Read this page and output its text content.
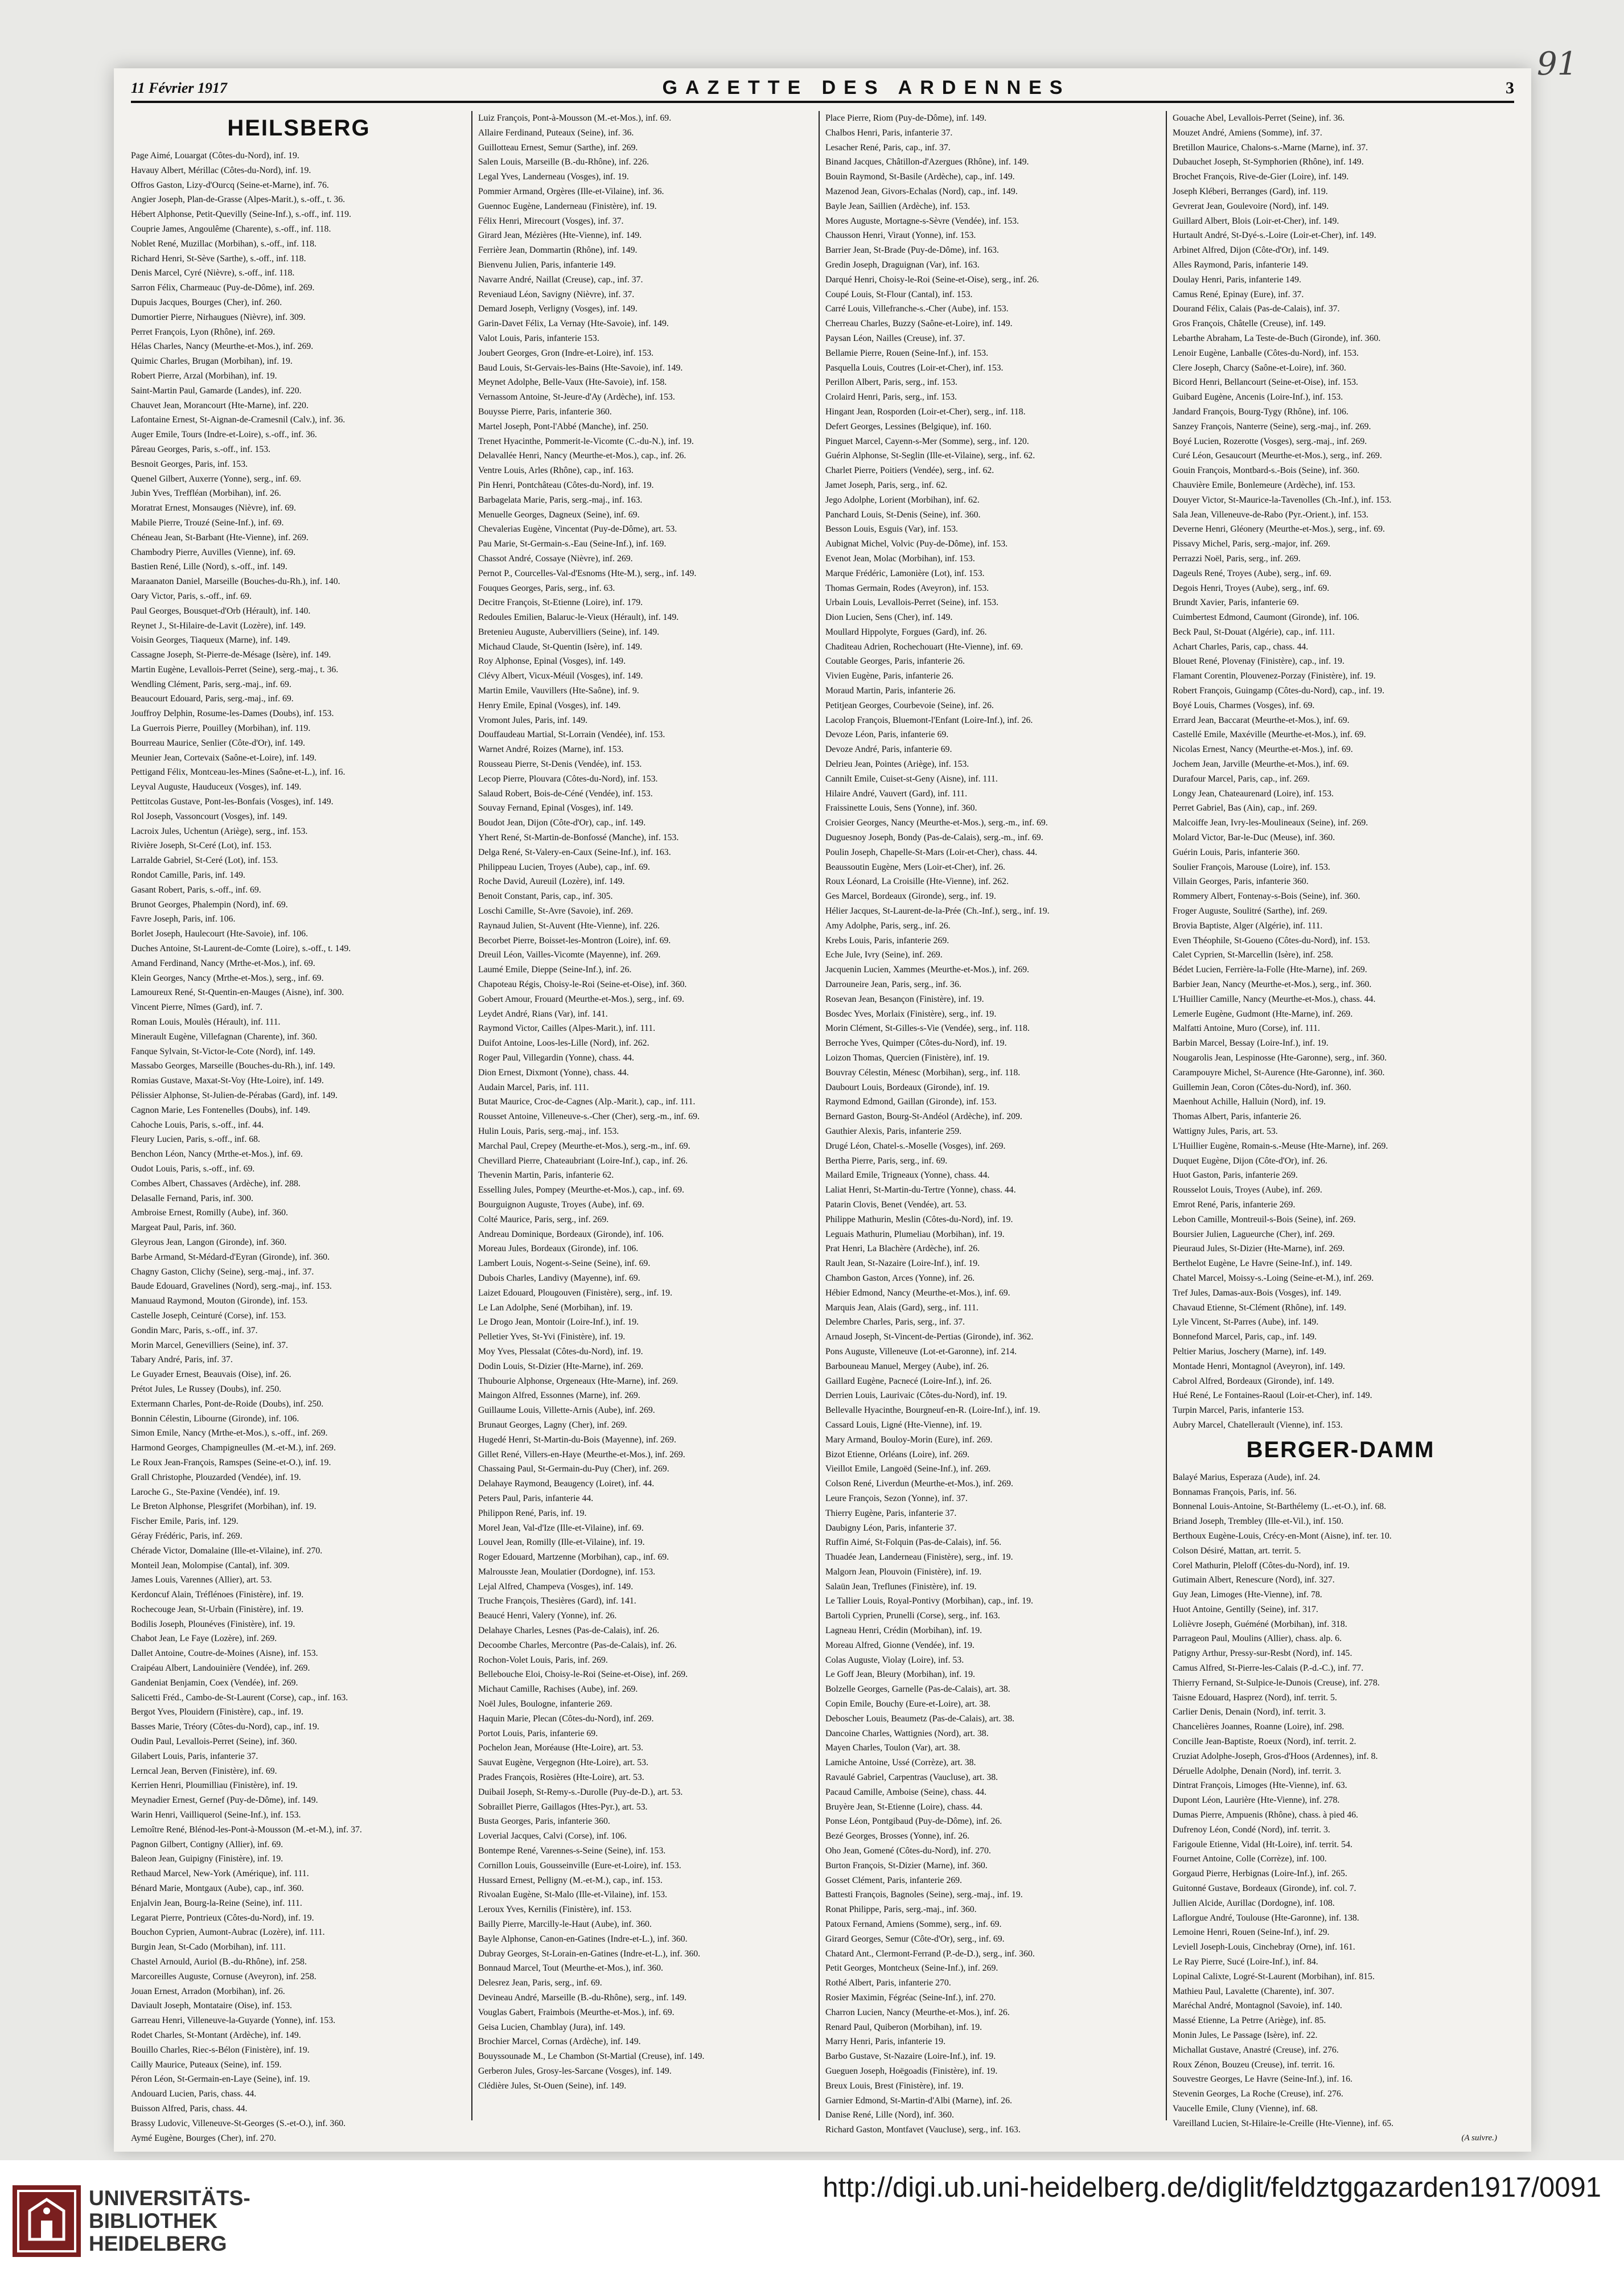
91
11 Février 1917	GAZETTE DES ARDENNES	3
HEILSBERG
Page Aimé, Louargat (Côtes-du-Nord), inf. 19.
Havauy Albert, Mérillac (Côtes-du-Nord), inf. 19.
Offros Gaston, Lizy-d'Ourcq (Seine-et-Marne), inf. 76.
Angier Joseph, Plan-de-Grasse (Alpes-Marit.), s.-off., t. 36.
Hébert Alphonse, Petit-Quevilly (Seine-Inf.), s.-off., inf. 119.
Couprie James, Angoulême (Charente), s.-off., inf. 118.
Noblet René, Muzillac (Morbihan), s.-off., inf. 118.
Richard Henri, St-Sève (Sarthe), s.-off., inf. 118.
Denis Marcel, Cyré (Nièvre), s.-off., inf. 118.
Sarron Félix, Charmeauc (Puy-de-Dôme), inf. 269.
Dupuis Jacques, Bourges (Cher), inf. 260.
Dumortier Pierre, Nirhaugues (Nièvre), inf. 309.
Perret François, Lyon (Rhône), inf. 269.
Hélas Charles, Nancy (Meurthe-et-Mos.), inf. 269.
Quimic Charles, Brugan (Morbihan), inf. 19.
Robert Pierre, Arzal (Morbihan), inf. 19.
Saint-Martin Paul, Gamarde (Landes), inf. 220.
Chauvet Jean, Morancourt (Hte-Marne), inf. 220.
Lafontaine Ernest, St-Aignan-de-Cramesnil (Calv.), inf. 36.
Auger Emile, Tours (Indre-et-Loire), s.-off., inf. 36.
Pâreau Georges, Paris, s.-off., inf. 153.
Besnoit Georges, Paris, inf. 153.
Quenel Gilbert, Auxerre (Yonne), serg., inf. 69.
Jubin Yves, Treffléan (Morbihan), inf. 26.
Moratrat Ernest, Monsauges (Nièvre), inf. 69.
Mabile Pierre, Trouzé (Seine-Inf.), inf. 69.
Chéneau Jean, St-Barbant (Hte-Vienne), inf. 269.
Chambodry Pierre, Auvilles (Vienne), inf. 69.
Bastien René, Lille (Nord), s.-off., inf. 149.
Maraanaton Daniel, Marseille (Bouches-du-Rh.), inf. 140.
Oary Victor, Paris, s.-off., inf. 69.
Paul Georges, Bousquet-d'Orb (Hérault), inf. 140.
Reynet J., St-Hilaire-de-Lavit (Lozère), inf. 149.
Voisin Georges, Tiaqueux (Marne), inf. 149.
Cassagne Joseph, St-Pierre-de-Mésage (Isère), inf. 149.
Martin Eugène, Levallois-Perret (Seine), serg.-maj., t. 36.
Wendling Clément, Paris, serg.-maj., inf. 69.
Beaucourt Edouard, Paris, serg.-maj., inf. 69.
Jouffroy Delphin, Rosume-les-Dames (Doubs), inf. 153.
La Guerrois Pierre, Pouilley (Morbihan), inf. 119.
Bourreau Maurice, Senlier (Côte-d'Or), inf. 149.
Meunier Jean, Cortevaix (Saône-et-Loire), inf. 149.
Pettigand Félix, Montceau-les-Mines (Saône-et-L.), inf. 16.
Leyval Auguste, Hauduceux (Vosges), inf. 149.
Pettitcolas Gustave, Pont-les-Bonfais (Vosges), inf. 149.
Rol Joseph, Vassoncourt (Vosges), inf. 149.
Lacroix Jules, Uchentun (Ariège), serg., inf. 153.
Rivière Joseph, St-Ceré (Lot), inf. 153.
Larralde Gabriel, St-Ceré (Lot), inf. 153.
Rondot Camille, Paris, inf. 149.
Gasant Robert, Paris, s.-off., inf. 69.
Brunot Georges, Phalempin (Nord), inf. 69.
Favre Joseph, Paris, inf. 106.
Borlet Joseph, Haulecourt (Hte-Savoie), inf. 106.
Duches Antoine, St-Laurent-de-Comte (Loire), s.-off., t. 149.
Amand Ferdinand, Nancy (Mrthe-et-Mos.), inf. 69.
Klein Georges, Nancy (Mrthe-et-Mos.), serg., inf. 69.
Lamoureux René, St-Quentin-en-Mauges (Aisne), inf. 300.
Vincent Pierre, Nîmes (Gard), inf. 7.
Roman Louis, Moulès (Hérault), inf. 111.
Minerault Eugène, Villefagnan (Charente), inf. 360.
Fanque Sylvain, St-Victor-le-Cote (Nord), inf. 149.
Massabo Georges, Marseille (Bouches-du-Rh.), inf. 149.
Romias Gustave, Maxat-St-Voy (Hte-Loire), inf. 149.
Pélissier Alphonse, St-Julien-de-Pérabas (Gard), inf. 149.
Cagnon Marie, Les Fontenelles (Doubs), inf. 149.
Cahoche Louis, Paris, s.-off., inf. 44.
Fleury Lucien, Paris, s.-off., inf. 68.
Benchon Léon, Nancy (Mrthe-et-Mos.), inf. 69.
Oudot Louis, Paris, s.-off., inf. 69.
Combes Albert, Chassaves (Ardèche), inf. 288.
Delasalle Fernand, Paris, inf. 300.
Ambroise Ernest, Romilly (Aube), inf. 360.
Margeat Paul, Paris, inf. 360.
Gleyrous Jean, Langon (Gironde), inf. 360.
Barbe Armand, St-Médard-d'Eyran (Gironde), inf. 360.
Chagny Gaston, Clichy (Seine), serg.-maj., inf. 37.
Baude Edouard, Gravelines (Nord), serg.-maj., inf. 153.
Manuaud Raymond, Mouton (Gironde), inf. 153.
Castelle Joseph, Ceinturé (Corse), inf. 153.
Gondin Marc, Paris, s.-off., inf. 37.
Morin Marcel, Genevilliers (Seine), inf. 37.
Tabary André, Paris, inf. 37.
Le Guyader Ernest, Beauvais (Oise), inf. 26.
Prétot Jules, Le Russey (Doubs), inf. 250.
Extermann Charles, Pont-de-Roide (Doubs), inf. 250.
Bonnin Célestin, Libourne (Gironde), inf. 106.
Simon Emile, Nancy (Mrthe-et-Mos.), s.-off., inf. 269.
Harmond Georges, Champigneulles (M.-et-M.), inf. 269.
Le Roux Jean-François, Ramspes (Seine-et-O.), inf. 19.
Grall Christophe, Plouzarded (Vendée), inf. 19.
Laroche G., Ste-Paxine (Vendée), inf. 19.
Le Breton Alphonse, Plesgrifet (Morbihan), inf. 19.
Fischer Emile, Paris, inf. 129.
Géray Frédéric, Paris, inf. 269.
Chérade Victor, Domalaine (Ille-et-Vilaine), inf. 270.
Monteil Jean, Molompise (Cantal), inf. 309.
James Louis, Varennes (Allier), art. 53.
Kerdoncuf Alain, Tréflénoes (Finistère), inf. 19.
Rochecouge Jean, St-Urbain (Finistère), inf. 19.
Bodilis Joseph, Plounéves (Finistère), inf. 19.
Chabot Jean, Le Faye (Lozère), inf. 269.
Dallet Antoine, Coutre-de-Moines (Aisne), inf. 153.
Craipéau Albert, Landouinière (Vendée), inf. 269.
Gandeniat Benjamin, Coex (Vendée), inf. 269.
Salicetti Fréd., Cambo-de-St-Laurent (Corse), cap., inf. 163.
Bergot Yves, Plouidern (Finistère), cap., inf. 19.
Basses Marie, Tréory (Côtes-du-Nord), cap., inf. 19.
Oudin Paul, Levallois-Perret (Seine), inf. 360.
Gilabert Louis, Paris, infanterie 37.
Lerncal Jean, Berven (Finistère), inf. 69.
Kerrien Henri, Ploumilliau (Finistère), inf. 19.
Meynadier Ernest, Gernef (Puy-de-Dôme), inf. 149.
Warin Henri, Vailliquerol (Seine-Inf.), inf. 153.
Lemoître René, Blénod-les-Pont-à-Mousson (M.-et-M.), inf. 37.
Pagnon Gilbert, Contigny (Allier), inf. 69.
Baleon Jean, Guipigny (Finistère), inf. 19.
Rethaud Marcel, New-York (Amérique), inf. 111.
Bénard Marie, Montgaux (Aube), cap., inf. 360.
Enjalvin Jean, Bourg-la-Reine (Seine), inf. 111.
Legarat Pierre, Pontrieux (Côtes-du-Nord), inf. 19.
Bouchon Cyprien, Aumont-Aubrac (Lozère), inf. 111.
Burgin Jean, St-Cado (Morbihan), inf. 111.
Chastel Arnould, Auriol (B.-du-Rhône), inf. 258.
Marcoreilles Auguste, Cornuse (Aveyron), inf. 258.
Jouan Ernest, Arradon (Morbihan), inf. 26.
Daviault Joseph, Montataire (Oise), inf. 153.
Garreau Henri, Villeneuve-la-Guyarde (Yonne), inf. 153.
Rodet Charles, St-Montant (Ardèche), inf. 149.
Bouillo Charles, Riec-s-Bélon (Finistère), inf. 19.
Cailly Maurice, Puteaux (Seine), inf. 159.
Péron Léon, St-Germain-en-Laye (Seine), inf. 19.
Andouard Lucien, Paris, chass. 44.
Buisson Alfred, Paris, chass. 44.
Brassy Ludovic, Villeneuve-St-Georges (S.-et-O.), inf. 360.
Aymé Eugène, Bourges (Cher), inf. 270.
Luiz François, Pont-à-Mousson (M.-et-Mos.), inf. 69.
Allaire Ferdinand, Puteaux (Seine), inf. 36.
Guillotteau Ernest, Semur (Sarthe), inf. 269.
Salen Louis, Marseille (B.-du-Rhône), inf. 226.
Legal Yves, Landerneau (Vosges), inf. 19.
Pommier Armand, Orgères (Ille-et-Vilaine), inf. 36.
Guennoc Eugène, Landerneau (Finistère), inf. 19.
Félix Henri, Mirecourt (Vosges), inf. 37.
Girard Jean, Mézières (Hte-Vienne), inf. 149.
Ferrière Jean, Dommartin (Rhône), inf. 149.
Bienvenu Julien, Paris, infanterie 149.
Navarre André, Naillat (Creuse), cap., inf. 37.
Reveniaud Léon, Savigny (Nièvre), inf. 37.
Demard Joseph, Verligny (Vosges), inf. 149.
Garin-Davet Félix, La Vernay (Hte-Savoie), inf. 149.
Valot Louis, Paris, infanterie 153.
Joubert Georges, Gron (Indre-et-Loire), inf. 153.
Baud Louis, St-Gervais-les-Bains (Hte-Savoie), inf. 149.
Meynet Adolphe, Belle-Vaux (Hte-Savoie), inf. 158.
Vernassom Antoine, St-Jeure-d'Ay (Ardèche), inf. 153.
Bouysse Pierre, Paris, infanterie 360.
Martel Joseph, Pont-l'Abbé (Manche), inf. 250.
Trenet Hyacinthe, Pommerit-le-Vicomte (C.-du-N.), inf. 19.
Delavallée Henri, Nancy (Meurthe-et-Mos.), cap., inf. 26.
Ventre Louis, Arles (Rhône), cap., inf. 163.
Pin Henri, Pontchâteau (Côtes-du-Nord), inf. 19.
Barbagelata Marie, Paris, serg.-maj., inf. 163.
Menuelle Georges, Dagneux (Seine), inf. 69.
Chevalerias Eugène, Vincentat (Puy-de-Dôme), art. 53.
Pau Marie, St-Germain-s.-Eau (Seine-Inf.), inf. 169.
Chassot André, Cossaye (Nièvre), inf. 269.
Pernot P., Courcelles-Val-d'Esnoms (Hte-M.), serg., inf. 149.
Fouques Georges, Paris, serg., inf. 63.
Decitre François, St-Etienne (Loire), inf. 179.
Redoules Emilien, Balaruc-le-Vieux (Hérault), inf. 149.
Bretenieu Auguste, Aubervilliers (Seine), inf. 149.
Michaud Claude, St-Quentin (Isère), inf. 149.
Roy Alphonse, Epinal (Vosges), inf. 149.
Clévy Albert, Vicux-Méuil (Vosges), inf. 149.
Martin Emile, Vauvillers (Hte-Saône), inf. 9.
Henry Emile, Epinal (Vosges), inf. 149.
Vromont Jules, Paris, inf. 149.
Douffaudeau Martial, St-Lorrain (Vendée), inf. 153.
Warnet André, Roizes (Marne), inf. 153.
Rousseau Pierre, St-Denis (Vendée), inf. 153.
Lecop Pierre, Plouvara (Côtes-du-Nord), inf. 153.
Salaud Robert, Bois-de-Céné (Vendée), inf. 153.
Souvay Fernand, Epinal (Vosges), inf. 149.
Boudot Jean, Dijon (Côte-d'Or), cap., inf. 149.
Yhert René, St-Martin-de-Bonfossé (Manche), inf. 153.
Delga René, St-Valery-en-Caux (Seine-Inf.), inf. 163.
Philippeau Lucien, Troyes (Aube), cap., inf. 69.
Roche David, Aureuil (Lozère), inf. 149.
Benoit Constant, Paris, cap., inf. 305.
Loschi Camille, St-Avre (Savoie), inf. 269.
Raynaud Julien, St-Auvent (Hte-Vienne), inf. 226.
Becorbet Pierre, Boisset-les-Montron (Loire), inf. 69.
Dreuil Léon, Vailles-Vicomte (Mayenne), inf. 269.
Laumé Emile, Dieppe (Seine-Inf.), inf. 26.
Chapoteau Régis, Choisy-le-Roi (Seine-et-Oise), inf. 360.
Gobert Amour, Frouard (Meurthe-et-Mos.), serg., inf. 69.
Leydet André, Rians (Var), inf. 141.
Raymond Victor, Cailles (Alpes-Marit.), inf. 111.
Duifot Antoine, Loos-les-Lille (Nord), inf. 262.
Roger Paul, Villegardin (Yonne), chass. 44.
Dion Ernest, Dixmont (Yonne), chass. 44.
Audain Marcel, Paris, inf. 111.
Butat Maurice, Croc-de-Cagnes (Alp.-Marit.), cap., inf. 111.
Rousset Antoine, Villeneuve-s.-Cher (Cher), serg.-m., inf. 69.
Hulin Louis, Paris, serg.-maj., inf. 153.
Marchal Paul, Crepey (Meurthe-et-Mos.), serg.-m., inf. 69.
Chevillard Pierre, Chateaubriant (Loire-Inf.), cap., inf. 26.
Thevenin Martin, Paris, infanterie 62.
Esselling Jules, Pompey (Meurthe-et-Mos.), cap., inf. 69.
Bourguignon Auguste, Troyes (Aube), inf. 69.
Colté Maurice, Paris, serg., inf. 269.
Andreau Dominique, Bordeaux (Gironde), inf. 106.
Moreau Jules, Bordeaux (Gironde), inf. 106.
Lambert Louis, Nogent-s-Seine (Seine), inf. 69.
Dubois Charles, Landivy (Mayenne), inf. 69.
Laizet Edouard, Plougouven (Finistère), serg., inf. 19.
Le Lan Adolphe, Sené (Morbihan), inf. 19.
Le Drogo Jean, Montoir (Loire-Inf.), inf. 19.
Pelletier Yves, St-Yvi (Finistère), inf. 19.
Moy Yves, Plessalat (Côtes-du-Nord), inf. 19.
Dodin Louis, St-Dizier (Hte-Marne), inf. 269.
Thubourie Alphonse, Orgeneaux (Hte-Marne), inf. 269.
Maingon Alfred, Essonnes (Marne), inf. 269.
Guillaume Louis, Villette-Arnis (Aube), inf. 269.
Brunaut Georges, Lagny (Cher), inf. 269.
Hugedé Henri, St-Martin-du-Bois (Mayenne), inf. 269.
Gillet René, Villers-en-Haye (Meurthe-et-Mos.), inf. 269.
Chassaing Paul, St-Germain-du-Puy (Cher), inf. 269.
Delahaye Raymond, Beaugency (Loiret), inf. 44.
Peters Paul, Paris, infanterie 44.
Philippon René, Paris, inf. 19.
Morel Jean, Val-d'Ize (Ille-et-Vilaine), inf. 69.
Louvel Jean, Romilly (Ille-et-Vilaine), inf. 19.
Roger Edouard, Martzenne (Morbihan), cap., inf. 69.
Malrousste Jean, Moulatier (Dordogne), inf. 153.
Lejal Alfred, Champeva (Vosges), inf. 149.
Truche François, Thesières (Gard), inf. 141.
Beaucé Henri, Valery (Yonne), inf. 26.
Delahaye Charles, Lesnes (Pas-de-Calais), inf. 26.
Decoombe Charles, Mercontre (Pas-de-Calais), inf. 26.
Rochon-Volet Louis, Paris, inf. 269.
Bellebouche Eloi, Choisy-le-Roi (Seine-et-Oise), inf. 269.
Michaut Camille, Rachises (Aube), inf. 269.
Noël Jules, Boulogne, infanterie 269.
Haquin Marie, Plecan (Côtes-du-Nord), inf. 269.
Portot Louis, Paris, infanterie 69.
Pochelon Jean, Moréause (Hte-Loire), art. 53.
Sauvat Eugène, Vergegnon (Hte-Loire), art. 53.
Prades François, Rosières (Hte-Loire), art. 53.
Duibail Joseph, St-Remy-s.-Durolle (Puy-de-D.), art. 53.
Sobraillet Pierre, Gaillagos (Htes-Pyr.), art. 53.
Busta Georges, Paris, infanterie 360.
Loverial Jacques, Calvi (Corse), inf. 106.
Bontempe René, Varennes-s-Seine (Seine), inf. 153.
Cornillon Louis, Gousseinville (Eure-et-Loire), inf. 153.
Hussard Ernest, Pelligny (M.-et-M.), cap., inf. 153.
Rivoalan Eugène, St-Malo (Ille-et-Vilaine), inf. 153.
Leroux Yves, Kernilis (Finistère), inf. 153.
Bailly Pierre, Marcilly-le-Haut (Aube), inf. 360.
Bayle Alphonse, Canon-en-Gatines (Indre-et-L.), inf. 360.
Dubray Georges, St-Lorain-en-Gatines (Indre-et-L.), inf. 360.
Bonnaud Marcel, Tout (Meurthe-et-Mos.), inf. 360.
Delesrez Jean, Paris, serg., inf. 69.
Devineau André, Marseille (B.-du-Rhône), serg., inf. 149.
Vouglas Gabert, Fraimbois (Meurthe-et-Mos.), inf. 69.
Geisa Lucien, Chamblay (Jura), inf. 149.
Brochier Marcel, Cornas (Ardèche), inf. 149.
Bouyssounade M., Le Chambon (St-Martial (Creuse), inf. 149.
Gerberon Jules, Grosy-les-Sarcane (Vosges), inf. 149.
Clédière Jules, St-Ouen (Seine), inf. 149.
Place Pierre, Riom (Puy-de-Dôme), inf. 149.
Chalbos Henri, Paris, infanterie 37.
Lesacher René, Paris, cap., inf. 37.
Binand Jacques, Châtillon-d'Azergues (Rhône), inf. 149.
Bouin Raymond, St-Basile (Ardèche), cap., inf. 149.
Mazenod Jean, Givors-Echalas (Nord), cap., inf. 149.
Bayle Jean, Saillien (Ardèche), inf. 153.
Mores Auguste, Mortagne-s-Sèvre (Vendée), inf. 153.
Chausson Henri, Viraut (Yonne), inf. 153.
Barrier Jean, St-Brade (Puy-de-Dôme), inf. 163.
Gredin Joseph, Draguignan (Var), inf. 163.
Darqué Henri, Choisy-le-Roi (Seine-et-Oise), serg., inf. 26.
Coupé Louis, St-Flour (Cantal), inf. 153.
Carré Louis, Villefranche-s.-Cher (Aube), inf. 153.
Cherreau Charles, Buzzy (Saône-et-Loire), inf. 149.
Paysan Léon, Nailles (Creuse), inf. 37.
Bellamie Pierre, Rouen (Seine-Inf.), inf. 153.
Pasquella Louis, Coutres (Loir-et-Cher), inf. 153.
Perillon Albert, Paris, serg., inf. 153.
Crolaird Henri, Paris, serg., inf. 153.
Hingant Jean, Rosporden (Loir-et-Cher), serg., inf. 118.
Defert Georges, Lessines (Belgique), inf. 160.
Pinguet Marcel, Cayenn-s-Mer (Somme), serg., inf. 120.
Guérin Alphonse, St-Seglin (Ille-et-Vilaine), serg., inf. 62.
Charlet Pierre, Poitiers (Vendée), serg., inf. 62.
Jamet Joseph, Paris, serg., inf. 62.
Jego Adolphe, Lorient (Morbihan), inf. 62.
Panchard Louis, St-Denis (Seine), inf. 360.
Besson Louis, Esguis (Var), inf. 153.
Aubignat Michel, Volvic (Puy-de-Dôme), inf. 153.
Evenot Jean, Molac (Morbihan), inf. 153.
Marque Frédéric, Lamonière (Lot), inf. 153.
Thomas Germain, Rodes (Aveyron), inf. 153.
Urbain Louis, Levallois-Perret (Seine), inf. 153.
Dion Lucien, Sens (Cher), inf. 149.
Moullard Hippolyte, Forgues (Gard), inf. 26.
Chaditeau Adrien, Rochechouart (Hte-Vienne), inf. 69.
Coutable Georges, Paris, infanterie 26.
Vivien Eugène, Paris, infanterie 26.
Moraud Martin, Paris, infanterie 26.
Petitjean Georges, Courbevoie (Seine), inf. 26.
Lacolop François, Bluemont-l'Enfant (Loire-Inf.), inf. 26.
Devoze Léon, Paris, infanterie 69.
Devoze André, Paris, infanterie 69.
Delrieu Jean, Pointes (Ariège), inf. 153.
Cannilt Emile, Cuiset-st-Geny (Aisne), inf. 111.
Hilaire André, Vauvert (Gard), inf. 111.
Fraissinette Louis, Sens (Yonne), inf. 360.
Croisier Georges, Nancy (Meurthe-et-Mos.), serg.-m., inf. 69.
Duguesnoy Joseph, Bondy (Pas-de-Calais), serg.-m., inf. 69.
Poulin Joseph, Chapelle-St-Mars (Loir-et-Cher), chass. 44.
Beaussoutin Eugène, Mers (Loir-et-Cher), inf. 26.
Roux Léonard, La Croisille (Hte-Vienne), inf. 262.
Ges Marcel, Bordeaux (Gironde), serg., inf. 19.
Hélier Jacques, St-Laurent-de-la-Prée (Ch.-Inf.), serg., inf. 19.
Amy Adolphe, Paris, serg., inf. 26.
Krebs Louis, Paris, infanterie 269.
Eche Jule, Ivry (Seine), inf. 269.
Jacquenin Lucien, Xammes (Meurthe-et-Mos.), inf. 269.
Darrouneire Jean, Paris, serg., inf. 36.
Rosevan Jean, Besançon (Finistère), inf. 19.
Bosdec Yves, Morlaix (Finistère), serg., inf. 19.
Morin Clément, St-Gilles-s-Vie (Vendée), serg., inf. 118.
Berroche Yves, Quimper (Côtes-du-Nord), inf. 19.
Loizon Thomas, Quercien (Finistère), inf. 19.
Bouvray Célestin, Ménesc (Morbihan), serg., inf. 118.
Daubourt Louis, Bordeaux (Gironde), inf. 19.
Raymond Edmond, Gaillan (Gironde), inf. 153.
Bernard Gaston, Bourg-St-Andéol (Ardèche), inf. 209.
Gauthier Alexis, Paris, infanterie 259.
Drugé Léon, Chatel-s.-Moselle (Vosges), inf. 269.
Bertha Pierre, Paris, serg., inf. 69.
Mailard Emile, Trigneaux (Yonne), chass. 44.
Laliat Henri, St-Martin-du-Tertre (Yonne), chass. 44.
Patarin Clovis, Benet (Vendée), art. 53.
Philippe Mathurin, Meslin (Côtes-du-Nord), inf. 19.
Leguais Mathurin, Plumeliau (Morbihan), inf. 19.
Prat Henri, La Blachère (Ardèche), inf. 26.
Rault Jean, St-Nazaire (Loire-Inf.), inf. 19.
Chambon Gaston, Arces (Yonne), inf. 26.
Hébier Edmond, Nancy (Meurthe-et-Mos.), inf. 69.
Marquis Jean, Alais (Gard), serg., inf. 111.
Delembre Charles, Paris, serg., inf. 37.
Arnaud Joseph, St-Vincent-de-Pertias (Gironde), inf. 362.
Pons Auguste, Villeneuve (Lot-et-Garonne), inf. 214.
Barbouneau Manuel, Mergey (Aube), inf. 26.
Gaillard Eugène, Pacnecé (Loire-Inf.), inf. 26.
Derrien Louis, Laurivaic (Côtes-du-Nord), inf. 19.
Bellevalle Hyacinthe, Bourgneuf-en-R. (Loire-Inf.), inf. 19.
Cassard Louis, Ligné (Hte-Vienne), inf. 19.
Mary Armand, Bouloy-Morin (Eure), inf. 269.
Bizot Etienne, Orléans (Loire), inf. 269.
Vieillot Emile, Langoëd (Seine-Inf.), inf. 269.
Colson René, Liverdun (Meurthe-et-Mos.), inf. 269.
Leure François, Sezon (Yonne), inf. 37.
Thierry Eugène, Paris, infanterie 37.
Daubigny Léon, Paris, infanterie 37.
Ruffin Aimé, St-Folquin (Pas-de-Calais), inf. 56.
Thuadée Jean, Landerneau (Finistère), serg., inf. 19.
Malgorn Jean, Plouvoin (Finistère), inf. 19.
Salaün Jean, Treflunes (Finistère), inf. 19.
Le Tallier Louis, Royal-Pontivy (Morbihan), cap., inf. 19.
Bartoli Cyprien, Prunelli (Corse), serg., inf. 163.
Lagneau Henri, Crédin (Morbihan), inf. 19.
Moreau Alfred, Gionne (Vendée), inf. 19.
Colas Auguste, Violay (Loire), inf. 53.
Le Goff Jean, Bleury (Morbihan), inf. 19.
Bolzelle Georges, Garnelle (Pas-de-Calais), art. 38.
Copin Emile, Bouchy (Eure-et-Loire), art. 38.
Deboscher Louis, Beaumetz (Pas-de-Calais), art. 38.
Dancoine Charles, Wattignies (Nord), art. 38.
Mayen Charles, Toulon (Var), art. 38.
Lamiche Antoine, Ussé (Corrèze), art. 38.
Ravaulé Gabriel, Carpentras (Vaucluse), art. 38.
Pacaud Camille, Amboise (Seine), chass. 44.
Bruyère Jean, St-Etienne (Loire), chass. 44.
Ponse Léon, Pontgibaud (Puy-de-Dôme), inf. 26.
Bezé Georges, Brosses (Yonne), inf. 26.
Oho Jean, Gomené (Côtes-du-Nord), inf. 270.
Burton François, St-Dizier (Marne), inf. 360.
Gosset Clément, Paris, infanterie 269.
Battesti François, Bagnoles (Seine), serg.-maj., inf. 19.
Ronat Philippe, Paris, serg.-maj., inf. 360.
Patoux Fernand, Amiens (Somme), serg., inf. 69.
Girard Georges, Semur (Côte-d'Or), serg., inf. 69.
Chatard Ant., Clermont-Ferrand (P.-de-D.), serg., inf. 360.
Petit Georges, Montcheux (Seine-Inf.), inf. 269.
Rothé Albert, Paris, infanterie 270.
Rosier Maximin, Fégréac (Seine-Inf.), inf. 270.
Charron Lucien, Nancy (Meurthe-et-Mos.), inf. 26.
Renard Paul, Quiberon (Morbihan), inf. 19.
Marry Henri, Paris, infanterie 19.
Barbo Gustave, St-Nazaire (Loire-Inf.), inf. 19.
Gueguen Joseph, Hoëgoadis (Finistère), inf. 19.
Breux Louis, Brest (Finistère), inf. 19.
Garnier Edmond, St-Martin-d'Albi (Marne), inf. 26.
Danise René, Lille (Nord), inf. 360.
Richard Gaston, Montfavet (Vaucluse), serg., inf. 163.
Gouache Abel, Levallois-Perret (Seine), inf. 36.
Mouzet André, Amiens (Somme), inf. 37.
Bretillon Maurice, Chalons-s.-Marne (Marne), inf. 37.
Dubauchet Joseph, St-Symphorien (Rhône), inf. 149.
Brochet François, Rive-de-Gier (Loire), inf. 149.
Joseph Kléberi, Berranges (Gard), inf. 119.
Gevrerat Jean, Goulevoire (Nord), inf. 149.
Guillard Albert, Blois (Loir-et-Cher), inf. 149.
Hurtault André, St-Dyé-s.-Loire (Loir-et-Cher), inf. 149.
Arbinet Alfred, Dijon (Côte-d'Or), inf. 149.
Alles Raymond, Paris, infanterie 149.
Doulay Henri, Paris, infanterie 149.
Camus René, Epinay (Eure), inf. 37.
Dourand Félix, Calais (Pas-de-Calais), inf. 37.
Gros François, Châtelle (Creuse), inf. 149.
Lebarthe Abraham, La Teste-de-Buch (Gironde), inf. 360.
Lenoir Eugène, Lanballe (Côtes-du-Nord), inf. 153.
Clere Joseph, Charcy (Saône-et-Loire), inf. 360.
Bicord Henri, Bellancourt (Seine-et-Oise), inf. 153.
Guibard Eugène, Ancenis (Loire-Inf.), inf. 153.
Jandard François, Bourg-Tygy (Rhône), inf. 106.
Sanzey François, Nanterre (Seine), serg.-maj., inf. 269.
Boyé Lucien, Rozerotte (Vosges), serg.-maj., inf. 269.
Curé Léon, Gesaucourt (Meurthe-et-Mos.), serg., inf. 269.
Gouin François, Montbard-s.-Bois (Seine), inf. 360.
Chauvière Emile, Bonlemeure (Ardèche), inf. 153.
Douyer Victor, St-Maurice-la-Tavenolles (Ch.-Inf.), inf. 153.
Sala Jean, Villeneuve-de-Rabo (Pyr.-Orient.), inf. 153.
Deverne Henri, Gléonery (Meurthe-et-Mos.), serg., inf. 69.
Pissavy Michel, Paris, serg.-major, inf. 269.
Perrazzi Noël, Paris, serg., inf. 269.
Dageuls René, Troyes (Aube), serg., inf. 69.
Degois Henri, Troyes (Aube), serg., inf. 69.
Brundt Xavier, Paris, infanterie 69.
Cuimbertest Edmond, Caumont (Gironde), inf. 106.
Beck Paul, St-Douat (Algérie), cap., inf. 111.
Achart Charles, Paris, cap., chass. 44.
Blouet René, Plovenay (Finistère), cap., inf. 19.
Flamant Corentin, Plouvenez-Porzay (Finistère), inf. 19.
Robert François, Guingamp (Côtes-du-Nord), cap., inf. 19.
Boyé Louis, Charmes (Vosges), inf. 69.
Errard Jean, Baccarat (Meurthe-et-Mos.), inf. 69.
Castellé Emile, Maxéville (Meurthe-et-Mos.), inf. 69.
Nicolas Ernest, Nancy (Meurthe-et-Mos.), inf. 69.
Jochem Jean, Jarville (Meurthe-et-Mos.), inf. 69.
Durafour Marcel, Paris, cap., inf. 269.
Longy Jean, Chateaurenard (Loire), inf. 153.
Perret Gabriel, Bas (Ain), cap., inf. 269.
Malcoiffe Jean, Ivry-les-Moulineaux (Seine), inf. 269.
Molard Victor, Bar-le-Duc (Meuse), inf. 360.
Guérin Louis, Paris, infanterie 360.
Soulier François, Marouse (Loire), inf. 153.
Villain Georges, Paris, infanterie 360.
Rommery Albert, Fontenay-s-Bois (Seine), inf. 360.
Froger Auguste, Soulitré (Sarthe), inf. 269.
Brovia Baptiste, Alger (Algérie), inf. 111.
Even Théophile, St-Goueno (Côtes-du-Nord), inf. 153.
Calet Cyprien, St-Marcellin (Isère), inf. 258.
Bédet Lucien, Ferrière-la-Folle (Hte-Marne), inf. 269.
Barbier Jean, Nancy (Meurthe-et-Mos.), serg., inf. 360.
L'Huillier Camille, Nancy (Meurthe-et-Mos.), chass. 44.
Lemerle Eugène, Gudmont (Hte-Marne), inf. 269.
Malfatti Antoine, Muro (Corse), inf. 111.
Barbin Marcel, Bessay (Loire-Inf.), inf. 19.
Nougarolis Jean, Lespinosse (Hte-Garonne), serg., inf. 360.
Carampouyre Michel, St-Aurence (Hte-Garonne), inf. 360.
Guillemin Jean, Coron (Côtes-du-Nord), inf. 360.
Maenhout Achille, Halluin (Nord), inf. 19.
Thomas Albert, Paris, infanterie 26.
Wattigny Jules, Paris, art. 53.
L'Huillier Eugène, Romain-s.-Meuse (Hte-Marne), inf. 269.
Duquet Eugène, Dijon (Côte-d'Or), inf. 26.
Huot Gaston, Paris, infanterie 269.
Rousselot Louis, Troyes (Aube), inf. 269.
Emrot René, Paris, infanterie 269.
Lebon Camille, Montreuil-s-Bois (Seine), inf. 269.
Boursier Julien, Lagueurche (Cher), inf. 269.
Pieuraud Jules, St-Dizier (Hte-Marne), inf. 269.
Berthelot Eugène, Le Havre (Seine-Inf.), inf. 149.
Chatel Marcel, Moissy-s.-Loing (Seine-et-M.), inf. 269.
Tref Jules, Damas-aux-Bois (Vosges), inf. 149.
Chavaud Etienne, St-Clément (Rhône), inf. 149.
Lyle Vincent, St-Parres (Aube), inf. 149.
Bonnefond Marcel, Paris, cap., inf. 149.
Peltier Marius, Joschery (Marne), inf. 149.
Montade Henri, Montagnol (Aveyron), inf. 149.
Cabrol Alfred, Bordeaux (Gironde), inf. 149.
Hué René, Le Fontaines-Raoul (Loir-et-Cher), inf. 149.
Turpin Marcel, Paris, infanterie 153.
Aubry Marcel, Chatellerault (Vienne), inf. 153.
BERGER-DAMM
Balayé Marius, Esperaza (Aude), inf. 24.
Bonnamas François, Paris, inf. 56.
Bonnenal Louis-Antoine, St-Barthélemy (L.-et-O.), inf. 68.
Briand Joseph, Trembley (Ille-et-Vil.), inf. 150.
Berthoux Eugène-Louis, Crécy-en-Mont (Aisne), inf. ter. 10.
Colson Désiré, Mattan, art. territ. 5.
Corel Mathurin, Pleloff (Côtes-du-Nord), inf. 19.
Gutimain Albert, Renescure (Nord), inf. 327.
Guy Jean, Limoges (Hte-Vienne), inf. 78.
Huot Antoine, Gentilly (Seine), inf. 317.
Lolièvre Joseph, Guéméné (Morbihan), inf. 318.
Parrageon Paul, Moulins (Allier), chass. alp. 6.
Patigny Arthur, Pressy-sur-Resbt (Nord), inf. 145.
Camus Alfred, St-Pierre-les-Calais (P.-d.-C.), inf. 77.
Thierry Fernand, St-Sulpice-le-Dunois (Creuse), inf. 278.
Taisne Edouard, Hasprez (Nord), inf. territ. 5.
Carlier Denis, Denain (Nord), inf. territ. 3.
Chancelières Joannes, Roanne (Loire), inf. 298.
Concille Jean-Baptiste, Roeux (Nord), inf. territ. 2.
Cruziat Adolphe-Joseph, Gros-d'Hoos (Ardennes), inf. 8.
Déruelle Adolphe, Denain (Nord), inf. territ. 3.
Dintrat François, Limoges (Hte-Vienne), inf. 63.
Dupont Léon, Laurière (Hte-Vienne), inf. 278.
Dumas Pierre, Ampuenis (Rhône), chass. à pied 46.
Dufrenoy Léon, Condé (Nord), inf. territ. 3.
Farigoule Etienne, Vidal (Ht-Loire), inf. territ. 54.
Fournet Antoine, Colle (Corrèze), inf. 100.
Gorgaud Pierre, Herbignas (Loire-Inf.), inf. 265.
Guitonné Gustave, Bordeaux (Gironde), inf. col. 7.
Jullien Alcide, Aurillac (Dordogne), inf. 108.
Laflorgue André, Toulouse (Hte-Garonne), inf. 138.
Lemoine Henri, Rouen (Seine-Inf.), inf. 29.
Leviell Joseph-Louis, Cinchebray (Orne), inf. 161.
Le Ray Pierre, Sucé (Loire-Inf.), inf. 84.
Lopinal Calixte, Logré-St-Laurent (Morbihan), inf. 815.
Mathieu Paul, Lavalette (Charente), inf. 307.
Maréchal André, Montagnol (Savoie), inf. 140.
Massé Etienne, La Petrre (Ariège), inf. 85.
Monin Jules, Le Passage (Isère), inf. 22.
Michallat Gustave, Anastré (Creuse), inf. 276.
Roux Zénon, Bouzeu (Creuse), inf. territ. 16.
Souvestre Georges, Le Havre (Seine-Inf.), inf. 16.
Stevenin Georges, La Roche (Creuse), inf. 276.
Vaucelle Emile, Cluny (Vienne), inf. 68.
Vareilland Lucien, St-Hilaire-le-Creille (Hte-Vienne), inf. 65.
(A suivre.)
UNIVERSITÄTS-
BIBLIOTHEK
HEIDELBERG
http://digi.ub.uni-heidelberg.de/diglit/feldztggazarden1917/0091
